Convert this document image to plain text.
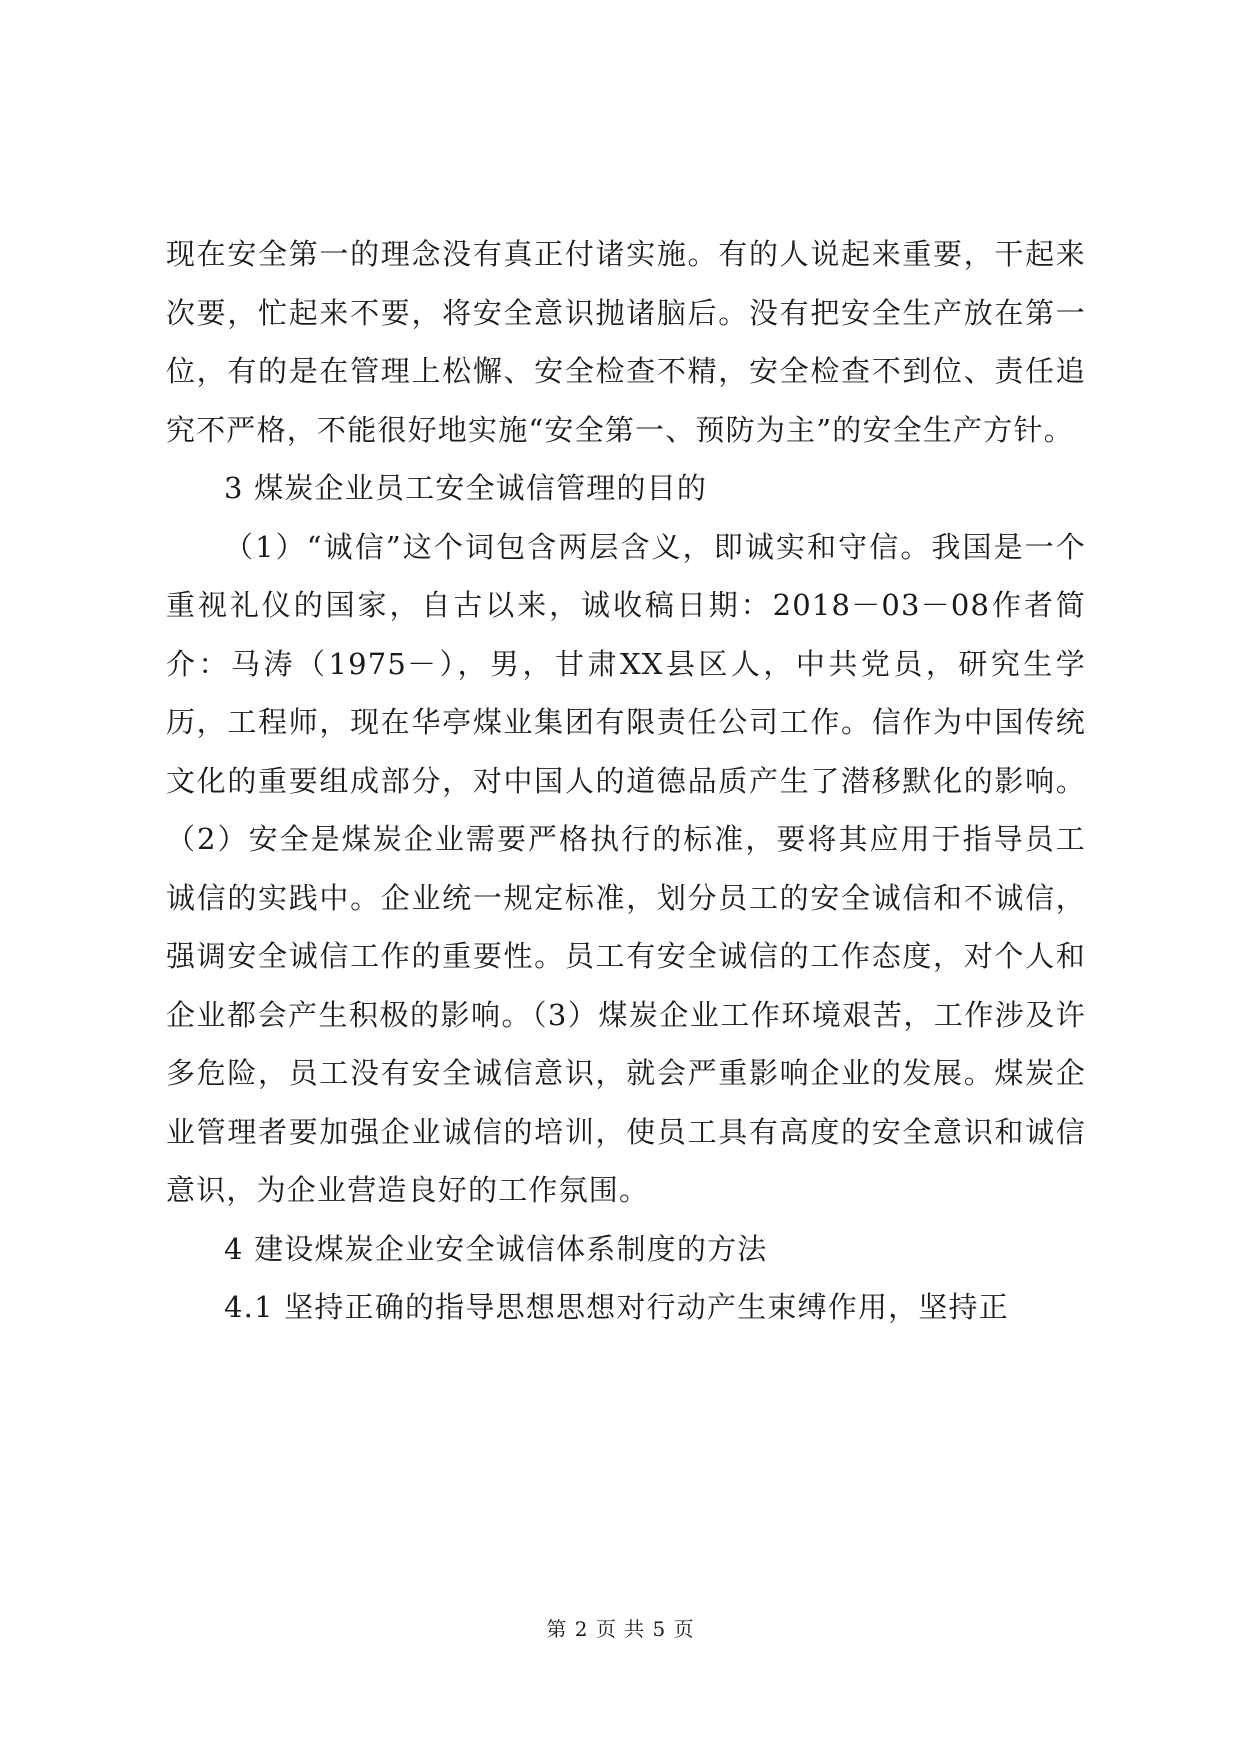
现在安全第一的理念没有真正付诸实施。有的人说起来重要，干起来次要，忙起来不要，将安全意识抛诸脑后。没有把安全生产放在第一位，有的是在管理上松懈、安全检查不精，安全检查不到位、责任追究不严格，不能很好地实施“安全第一、预防为主”的安全生产方针。

3 煤炭企业员工安全诚信管理的目的

（1）“诚信”这个词包含两层含义，即诚实和守信。我国是一个重视礼仪的国家，自古以来，诚收稿日期：2018－03－08作者简介：马涛（1975－），男，甘肃XX县区人，中共党员，研究生学历，工程师，现在华亭煤业集团有限责任公司工作。信作为中国传统文化的重要组成部分，对中国人的道德品质产生了潜移默化的影响。（2）安全是煤炭企业需要严格执行的标准，要将其应用于指导员工诚信的实践中。企业统一规定标准，划分员工的安全诚信和不诚信，强调安全诚信工作的重要性。员工有安全诚信的工作态度，对个人和企业都会产生积极的影响。（3）煤炭企业工作环境艰苦，工作涉及许多危险，员工没有安全诚信意识，就会严重影响企业的发展。煤炭企业管理者要加强企业诚信的培训，使员工具有高度的安全意识和诚信意识，为企业营造良好的工作氛围。

4 建设煤炭企业安全诚信体系制度的方法

4.1 坚持正确的指导思想思想对行动产生束缚作用，坚持正

第 2 页 共 5 页
